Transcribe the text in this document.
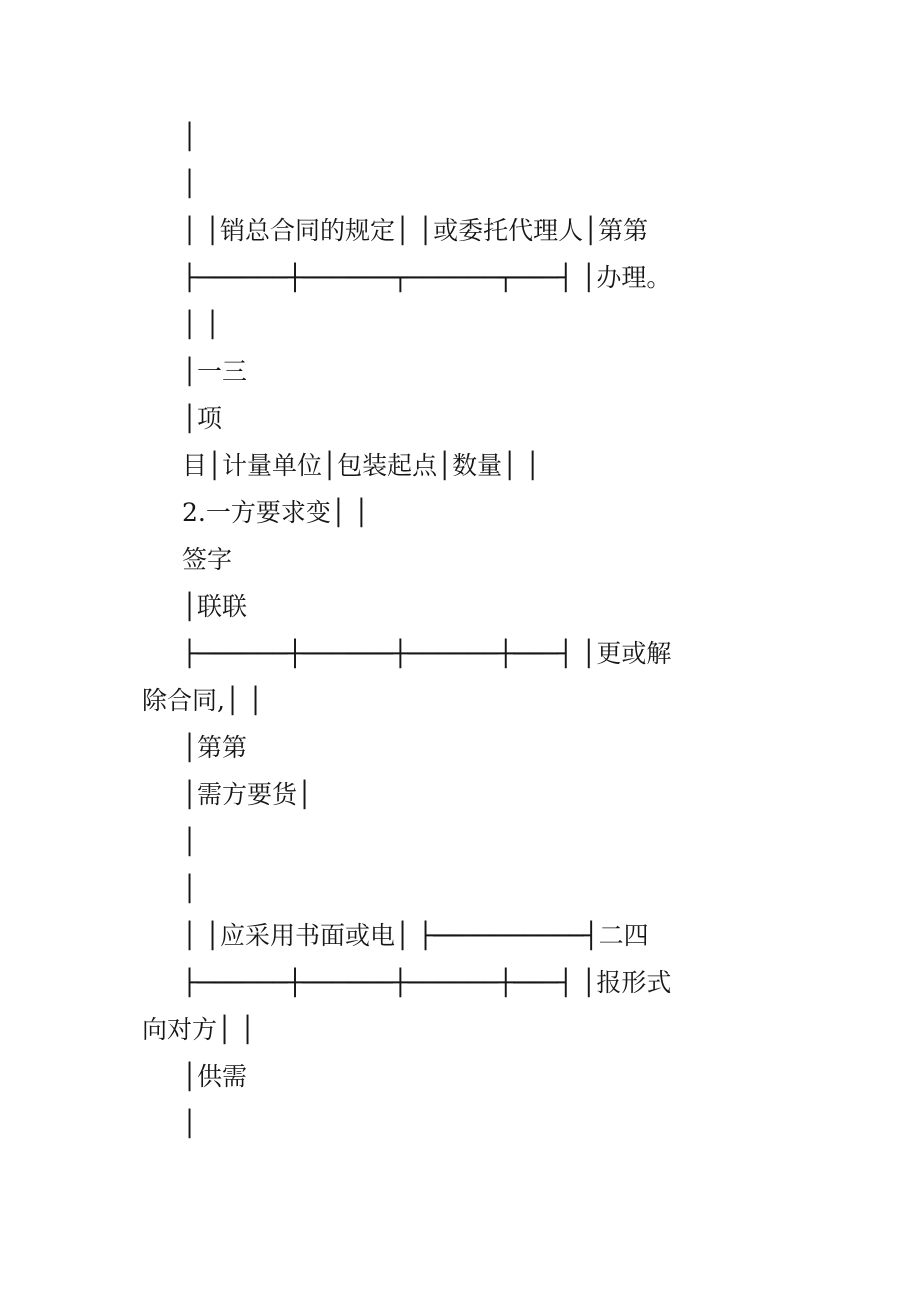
│

│

│ │销总合同的规定│ │或委托代理人│第第

├──────┼──────┬──────┬───┤ │办理。

│ │

│一三

│项

目│计量单位│包装起点│数量│ │

2.一方要求变│ │

签字

│联联

├──────┼──────┼──────┼───┤ │更或解

除合同,│ │

│第第

│需方要货│

│

│

│ │应采用书面或电│ ├──────────┤二四

├──────┼──────┼──────┼───┤ │报形式

向对方│ │

│供需

│
